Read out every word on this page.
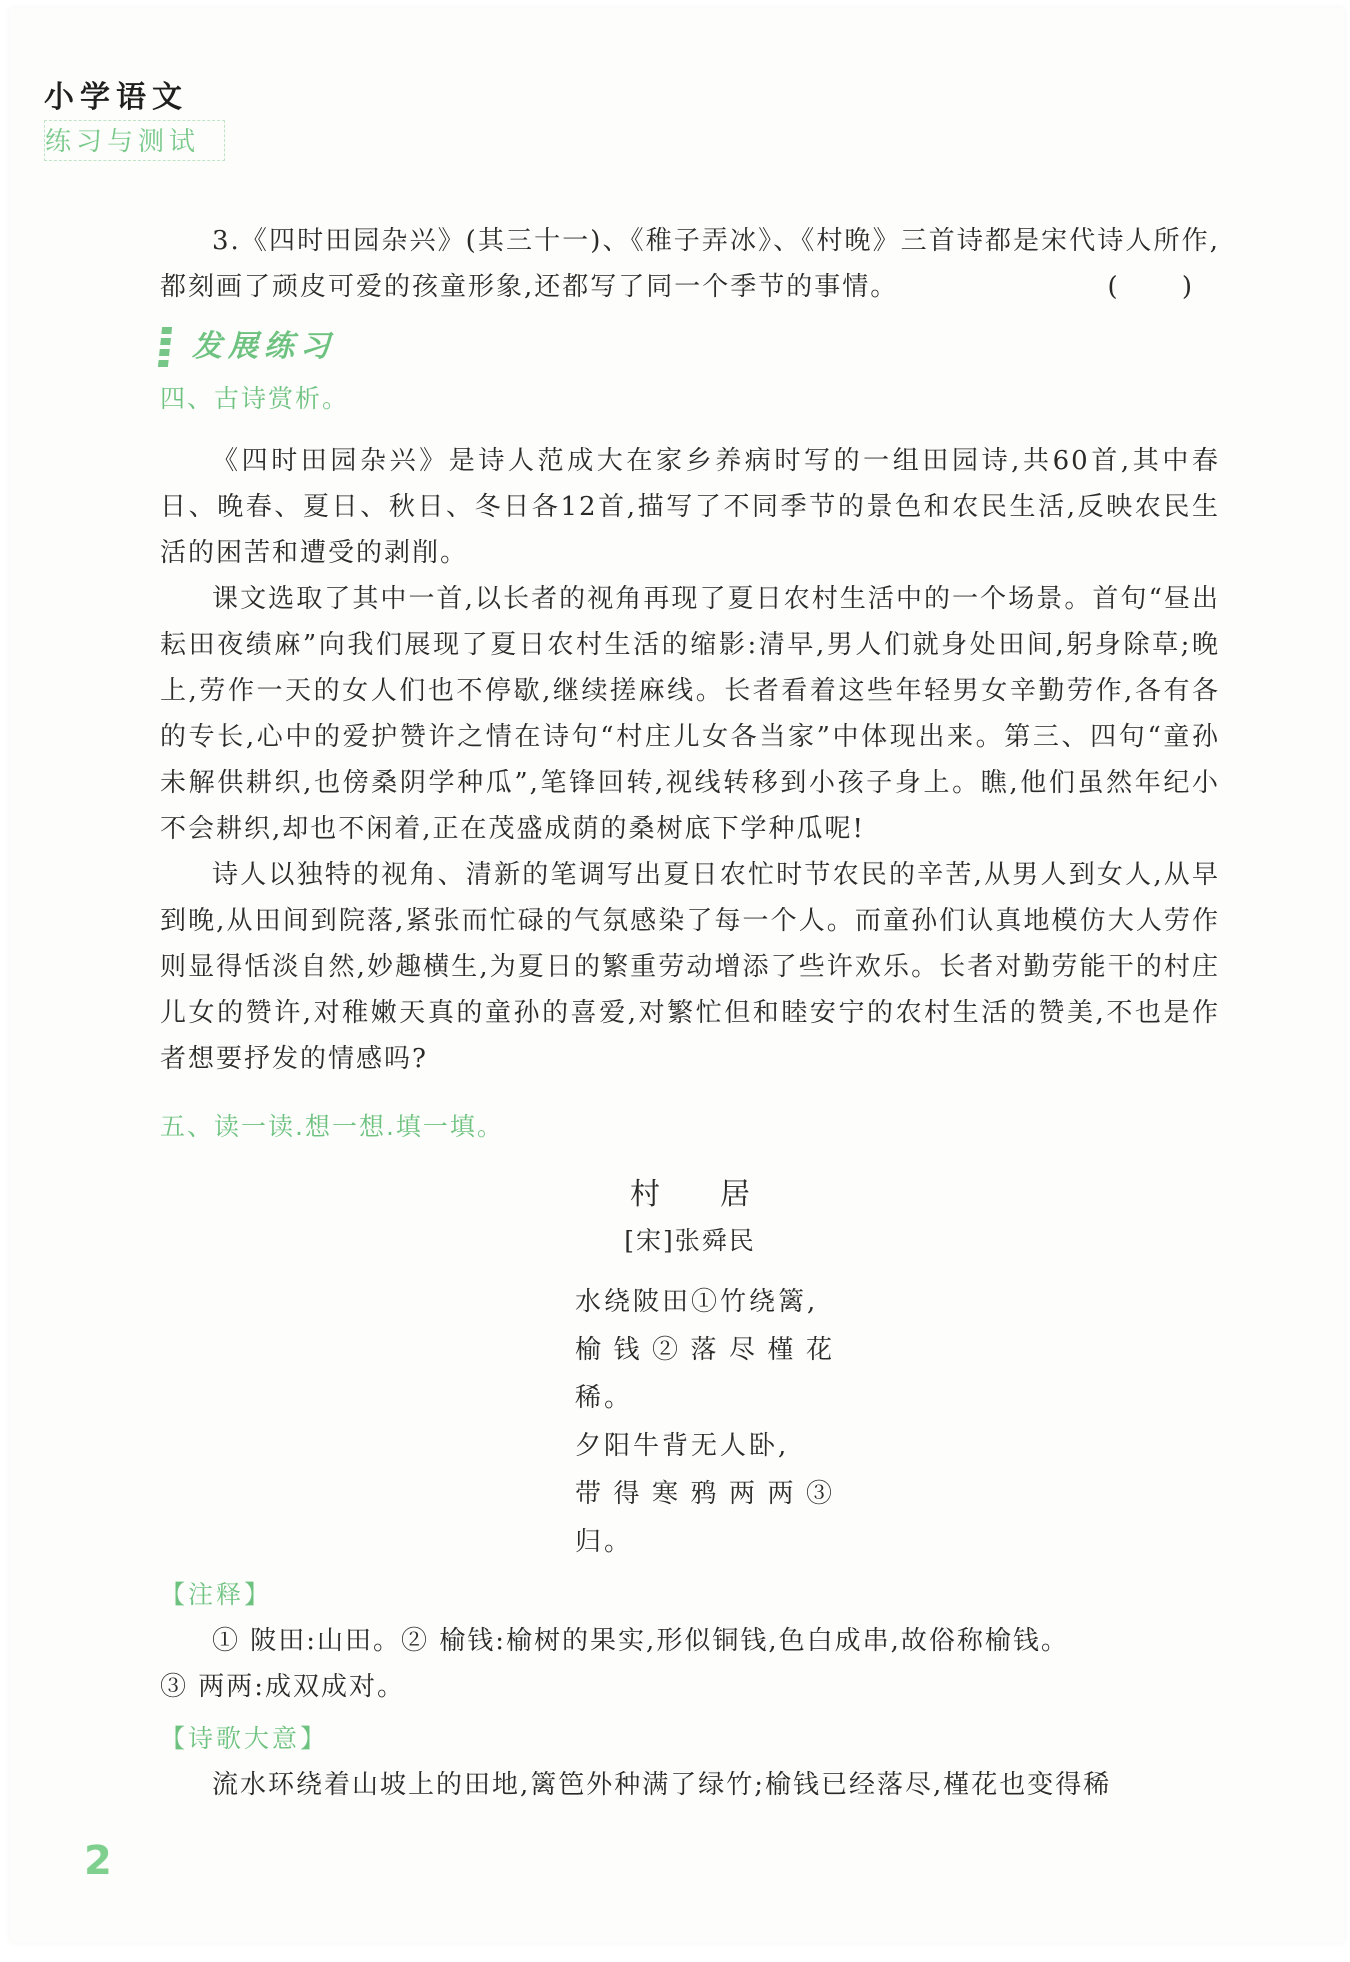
小学语文
练习与测试

3.《四时田园杂兴》(其三十一)、《稚子弄冰》、《村晚》三首诗都是宋代诗人所作,都刻画了顽皮可爱的孩童形象,还都写了同一个季节的事情。	( )
发展练习
四、古诗赏析。

《四时田园杂兴》是诗人范成大在家乡养病时写的一组田园诗,共60首,其中春日、晚春、夏日、秋日、冬日各12首,描写了不同季节的景色和农民生活,反映农民生活的困苦和遭受的剥削。

课文选取了其中一首,以长者的视角再现了夏日农村生活中的一个场景。首句“昼出耘田夜绩麻”向我们展现了夏日农村生活的缩影:清早,男人们就身处田间,躬身除草;晚上,劳作一天的女人们也不停歇,继续搓麻线。长者看着这些年轻男女辛勤劳作,各有各的专长,心中的爱护赞许之情在诗句“村庄儿女各当家”中体现出来。第三、四句“童孙未解供耕织,也傍桑阴学种瓜”,笔锋回转,视线转移到小孩子身上。瞧,他们虽然年纪小不会耕织,却也不闲着,正在茂盛成荫的桑树底下学种瓜呢!

诗人以独特的视角、清新的笔调写出夏日农忙时节农民的辛苦,从男人到女人,从早到晚,从田间到院落,紧张而忙碌的气氛感染了每一个人。而童孙们认真地模仿大人劳作则显得恬淡自然,妙趣横生,为夏日的繁重劳动增添了些许欢乐。长者对勤劳能干的村庄儿女的赞许,对稚嫩天真的童孙的喜爱,对繁忙但和睦安宁的农村生活的赞美,不也是作者想要抒发的情感吗?

五、读一读.想一想.填一填。
村居
[宋]张舜民

水绕陂田①竹绕篱,

榆钱②落尽槿花稀。

夕阳牛背无人卧,

带得寒鸦两两③归。

【注释】

① 陂田:山田。② 榆钱:榆树的果实,形似铜钱,色白成串,故俗称榆钱。

③ 两两:成双成对。

【诗歌大意】

流水环绕着山坡上的田地,篱笆外种满了绿竹;榆钱已经落尽,槿花也变得稀

2
